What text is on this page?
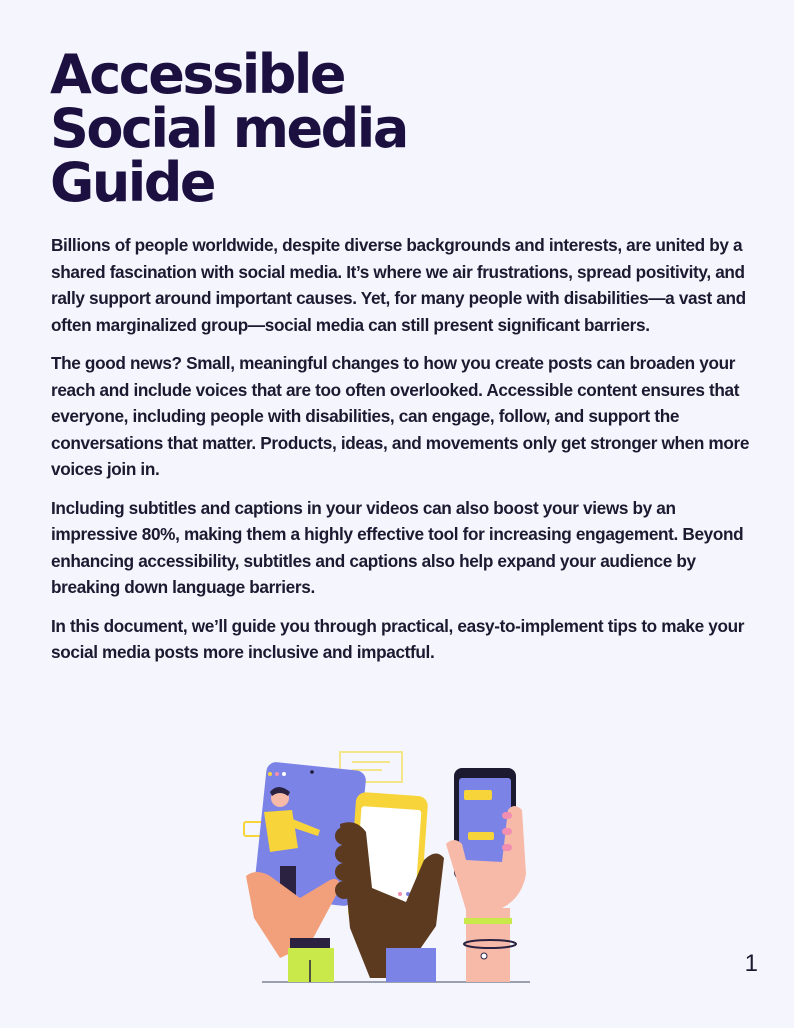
Accessible
Social media
Guide

Billions of people worldwide, despite diverse backgrounds and interests, are united by a shared fascination with social media. It’s where we air frustrations, spread positivity, and rally support around important causes. Yet, for many people with disabilities—a vast and often marginalized group—social media can still present significant barriers.

The good news? Small, meaningful changes to how you create posts can broaden your reach and include voices that are too often overlooked. Accessible content ensures that everyone, including people with disabilities, can engage, follow, and support the conversations that matter. Products, ideas, and movements only get stronger when more voices join in.

Including subtitles and captions in your videos can also boost your views by an impressive 80%, making them a highly effective tool for increasing engagement. Beyond enhancing accessibility, subtitles and captions also help expand your audience by breaking down language barriers.

In this document, we’ll guide you through practical, easy-to-implement tips to make your social media posts more inclusive and impactful.

1
